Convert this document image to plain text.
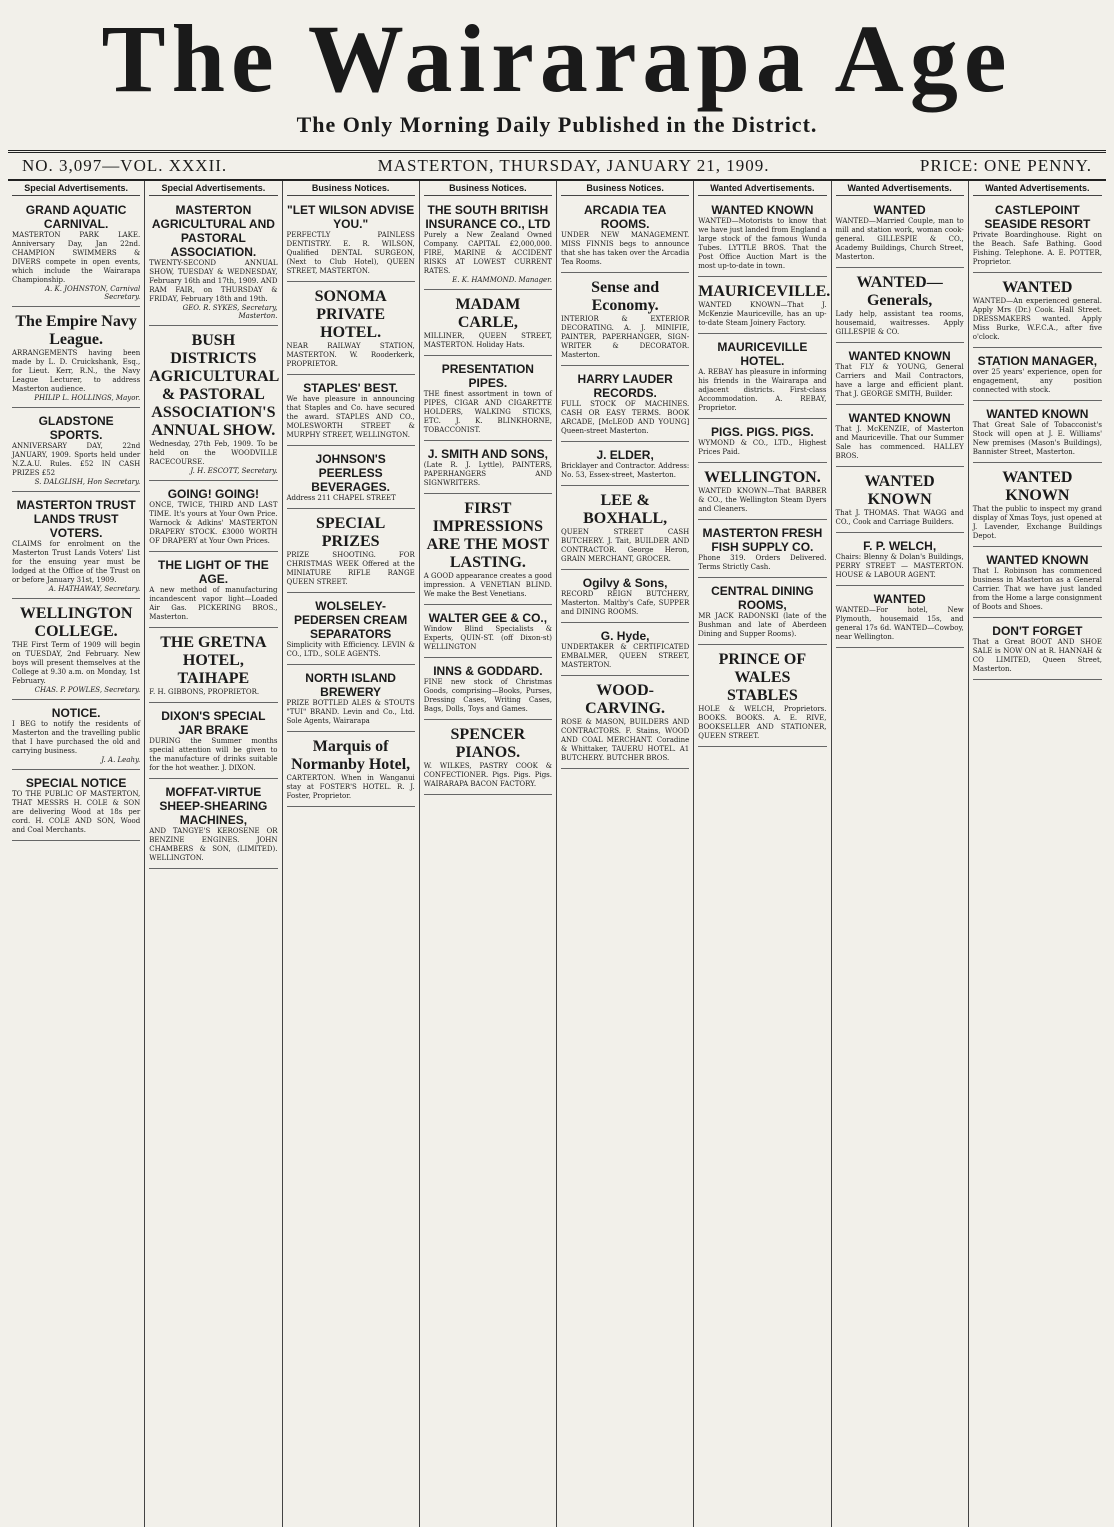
The Wairarapa Age
The Only Morning Daily Published in the District.
NO. 3,097—VOL. XXXII.	MASTERTON, THURSDAY, JANUARY 21, 1909.	PRICE: ONE PENNY.
Special Advertisements.
GRAND AQUATIC CARNIVAL.
MASTERTON PARK LAKE. Anniversary Day, Jan 22nd. CHAMPION SWIMMERS & DIVERS compete in open events, which include the Wairarapa Championship.
A. K. JOHNSTON, Carnival Secretary.
The Empire Navy League.
ARRANGEMENTS having been made by L. D. Cruickshank, Esq., for Lieut. Kerr, R.N., the Navy League Lecturer, to address Masterton audience.
PHILIP L. HOLLINGS, Mayor.
GLADSTONE SPORTS.
ANNIVERSARY DAY, 22nd JANUARY, 1909. Sports held under N.Z.A.U. Rules. £52 IN CASH PRIZES £52
S. DALGLISH, Hon Secretary.
MASTERTON TRUST LANDS TRUST VOTERS.
CLAIMS for enrolment on the Masterton Trust Lands Voters' List for the ensuing year must be lodged at the Office of the Trust on or before January 31st, 1909.
A. HATHAWAY, Secretary.
WELLINGTON COLLEGE.
THE First Term of 1909 will begin on TUESDAY, 2nd February. New boys will present themselves at the College at 9.30 a.m. on Monday, 1st February.
CHAS. P. POWLES, Secretary.
NOTICE.
I BEG to notify the residents of Masterton and the travelling public that I have purchased the old and carrying business.
J. A. Leahy.
SPECIAL NOTICE
TO THE PUBLIC OF MASTERTON, THAT MESSRS H. COLE & SON are delivering Wood at 18s per cord. H. COLE AND SON, Wood and Coal Merchants.
Special Advertisements.
MASTERTON AGRICULTURAL AND PASTORAL ASSOCIATION.
TWENTY-SECOND ANNUAL SHOW, TUESDAY & WEDNESDAY, February 16th and 17th, 1909. AND RAM FAIR, on THURSDAY & FRIDAY, February 18th and 19th.
GEO. R. SYKES, Secretary, Masterton.
BUSH DISTRICTS AGRICULTURAL & PASTORAL ASSOCIATION'S ANNUAL SHOW.
Wednesday, 27th Feb, 1909. To be held on the WOODVILLE RACECOURSE.
J. H. ESCOTT, Secretary.
GOING! GOING!
ONCE, TWICE, THIRD AND LAST TIME. It's yours at Your Own Price. Warnock & Adkins' MASTERTON DRAPERY STOCK. £3000 WORTH OF DRAPERY at Your Own Prices.
THE LIGHT OF THE AGE.
A new method of manufacturing incandescent vapor light—Loaded Air Gas. PICKERING BROS., Masterton.
THE GRETNA HOTEL, TAIHAPE
F. H. GIBBONS, PROPRIETOR.
DIXON'S SPECIAL JAR BRAKE
DURING the Summer months special attention will be given to the manufacture of drinks suitable for the hot weather. J. DIXON.
MOFFAT-VIRTUE SHEEP-SHEARING MACHINES,
AND TANGYE'S KEROSENE OR BENZINE ENGINES. JOHN CHAMBERS & SON, (LIMITED). WELLINGTON.
Business Notices.
"LET WILSON ADVISE YOU."
PERFECTLY PAINLESS DENTISTRY. E. R. WILSON, Qualified DENTAL SURGEON, (Next to Club Hotel), QUEEN STREET, MASTERTON.
SONOMA PRIVATE HOTEL.
NEAR RAILWAY STATION, MASTERTON. W. Rooderkerk, PROPRIETOR.
STAPLES' BEST.
We have pleasure in announcing that Staples and Co. have secured the award. STAPLES AND CO., MOLESWORTH STREET & MURPHY STREET, WELLINGTON.
JOHNSON'S PEERLESS BEVERAGES.
Address 211 CHAPEL STREET
SPECIAL PRIZES
PRIZE SHOOTING. FOR CHRISTMAS WEEK Offered at the MINIATURE RIFLE RANGE QUEEN STREET.
WOLSELEY-PEDERSEN CREAM SEPARATORS
Simplicity with Efficiency. LEVIN & CO., LTD., SOLE AGENTS.
NORTH ISLAND BREWERY
PRIZE BOTTLED ALES & STOUTS "TUI" BRAND. Levin and Co., Ltd. Sole Agents, Wairarapa
Marquis of Normanby Hotel,
CARTERTON. When in Wanganui stay at FOSTER'S HOTEL. R. J. Foster, Proprietor.
Business Notices.
THE SOUTH BRITISH INSURANCE CO., LTD
Purely a New Zealand Owned Company. CAPITAL £2,000,000. FIRE, MARINE & ACCIDENT RISKS AT LOWEST CURRENT RATES.
E. K. HAMMOND. Manager.
MADAM CARLE,
MILLINER, QUEEN STREET, MASTERTON. Holiday Hats.
PRESENTATION PIPES.
THE finest assortment in town of PIPES, CIGAR AND CIGARETTE HOLDERS, WALKING STICKS, ETC. J. K. BLINKHORNE, TOBACCONIST.
J. SMITH AND SONS,
(Late R. J. Lyttle), PAINTERS, PAPERHANGERS AND SIGNWRITERS.
FIRST IMPRESSIONS ARE THE MOST LASTING.
A GOOD appearance creates a good impression. A VENETIAN BLIND. We make the Best Venetians.
WALTER GEE & CO.,
Window Blind Specialists & Experts, QUIN-ST. (off Dixon-st) WELLINGTON
INNS & GODDARD.
FINE new stock of Christmas Goods, comprising—Books, Purses, Dressing Cases, Writing Cases, Bags, Dolls, Toys and Games.
SPENCER PIANOS.
W. WILKES, PASTRY COOK & CONFECTIONER. Pigs. Pigs. Pigs. WAIRARAPA BACON FACTORY.
Business Notices.
ARCADIA TEA ROOMS.
UNDER NEW MANAGEMENT. MISS FINNIS begs to announce that she has taken over the Arcadia Tea Rooms.
Sense and Economy.
INTERIOR & EXTERIOR DECORATING. A. J. MINIFIE, PAINTER, PAPERHANGER, SIGN-WRITER & DECORATOR. Masterton.
HARRY LAUDER RECORDS.
FULL STOCK OF MACHINES. CASH OR EASY TERMS. BOOK ARCADE, [McLEOD AND YOUNG] Queen-street Masterton.
J. ELDER,
Bricklayer and Contractor. Address: No. 53, Essex-street, Masterton.
LEE & BOXHALL,
QUEEN STREET CASH BUTCHERY. J. Tait, BUILDER AND CONTRACTOR. George Heron, GRAIN MERCHANT, GROCER.
Ogilvy & Sons,
RECORD REIGN BUTCHERY, Masterton. Maltby's Cafe, SUPPER and DINING ROOMS.
G. Hyde,
UNDERTAKER & CERTIFICATED EMBALMER, QUEEN STREET, MASTERTON.
WOOD-CARVING.
ROSE & MASON, BUILDERS AND CONTRACTORS. F. Stains, WOOD AND COAL MERCHANT. Coradine & Whittaker, TAUERU HOTEL. A1 BUTCHERY. BUTCHER BROS.
Wanted Advertisements.
WANTED KNOWN
WANTED—Motorists to know that we have just landed from England a large stock of the famous Wunda Tubes. LYTTLE BROS. That the Post Office Auction Mart is the most up-to-date in town.
MAURICEVILLE.
WANTED KNOWN—That J. McKenzie Mauriceville, has an up-to-date Steam Joinery Factory.
MAURICEVILLE HOTEL.
A. REBAY has pleasure in informing his friends in the Wairarapa and adjacent districts. First-class Accommodation. A. REBAY, Proprietor.
PIGS. PIGS. PIGS.
WYMOND & CO., LTD., Highest Prices Paid.
WELLINGTON.
WANTED KNOWN—That BARBER & CO., the Wellington Steam Dyers and Cleaners.
MASTERTON FRESH FISH SUPPLY CO.
Phone 319. Orders Delivered. Terms Strictly Cash.
CENTRAL DINING ROOMS,
MR JACK RADONSKI (late of the Bushman and late of Aberdeen Dining and Supper Rooms).
PRINCE OF WALES STABLES
HOLE & WELCH, Proprietors. BOOKS. BOOKS. A. E. RIVE, BOOKSELLER AND STATIONER, QUEEN STREET.
Wanted Advertisements.
WANTED
WANTED—Married Couple, man to mill and station work, woman cook-general. GILLESPIE & CO., Academy Buildings, Church Street, Masterton.
WANTED—Generals,
Lady help, assistant tea rooms, housemaid, waitresses. Apply GILLESPIE & CO.
WANTED KNOWN
That FLY & YOUNG, General Carriers and Mail Contractors, have a large and efficient plant. That J. GEORGE SMITH, Builder.
WANTED KNOWN
That J. McKENZIE, of Masterton and Mauriceville. That our Summer Sale has commenced. HALLEY BROS.
WANTED KNOWN
That J. THOMAS. That WAGG and CO., Cook and Carriage Builders.
F. P. WELCH,
Chairs: Blenny & Dolan's Buildings, PERRY STREET — MASTERTON. HOUSE & LABOUR AGENT.
WANTED
WANTED—For hotel, New Plymouth, housemaid 15s, and general 17s 6d. WANTED—Cowboy, near Wellington.
Wanted Advertisements.
CASTLEPOINT SEASIDE RESORT
Private Boardinghouse. Right on the Beach. Safe Bathing. Good Fishing. Telephone. A. E. POTTER, Proprietor.
WANTED
WANTED—An experienced general. Apply Mrs (Dr.) Cook. Hall Street. DRESSMAKERS wanted. Apply Miss Burke, W.F.C.A., after five o'clock.
STATION MANAGER,
over 25 years' experience, open for engagement, any position connected with stock.
WANTED KNOWN
That Great Sale of Tobacconist's Stock will open at J. E. Williams' New premises (Mason's Buildings), Bannister Street, Masterton.
WANTED KNOWN
That the public to inspect my grand display of Xmas Toys, just opened at J. Lavender, Exchange Buildings Depot.
WANTED KNOWN
That I. Robinson has commenced business in Masterton as a General Carrier. That we have just landed from the Home a large consignment of Boots and Shoes.
DON'T FORGET
That a Great BOOT AND SHOE SALE is NOW ON at R. HANNAH & CO LIMITED, Queen Street, Masterton.
